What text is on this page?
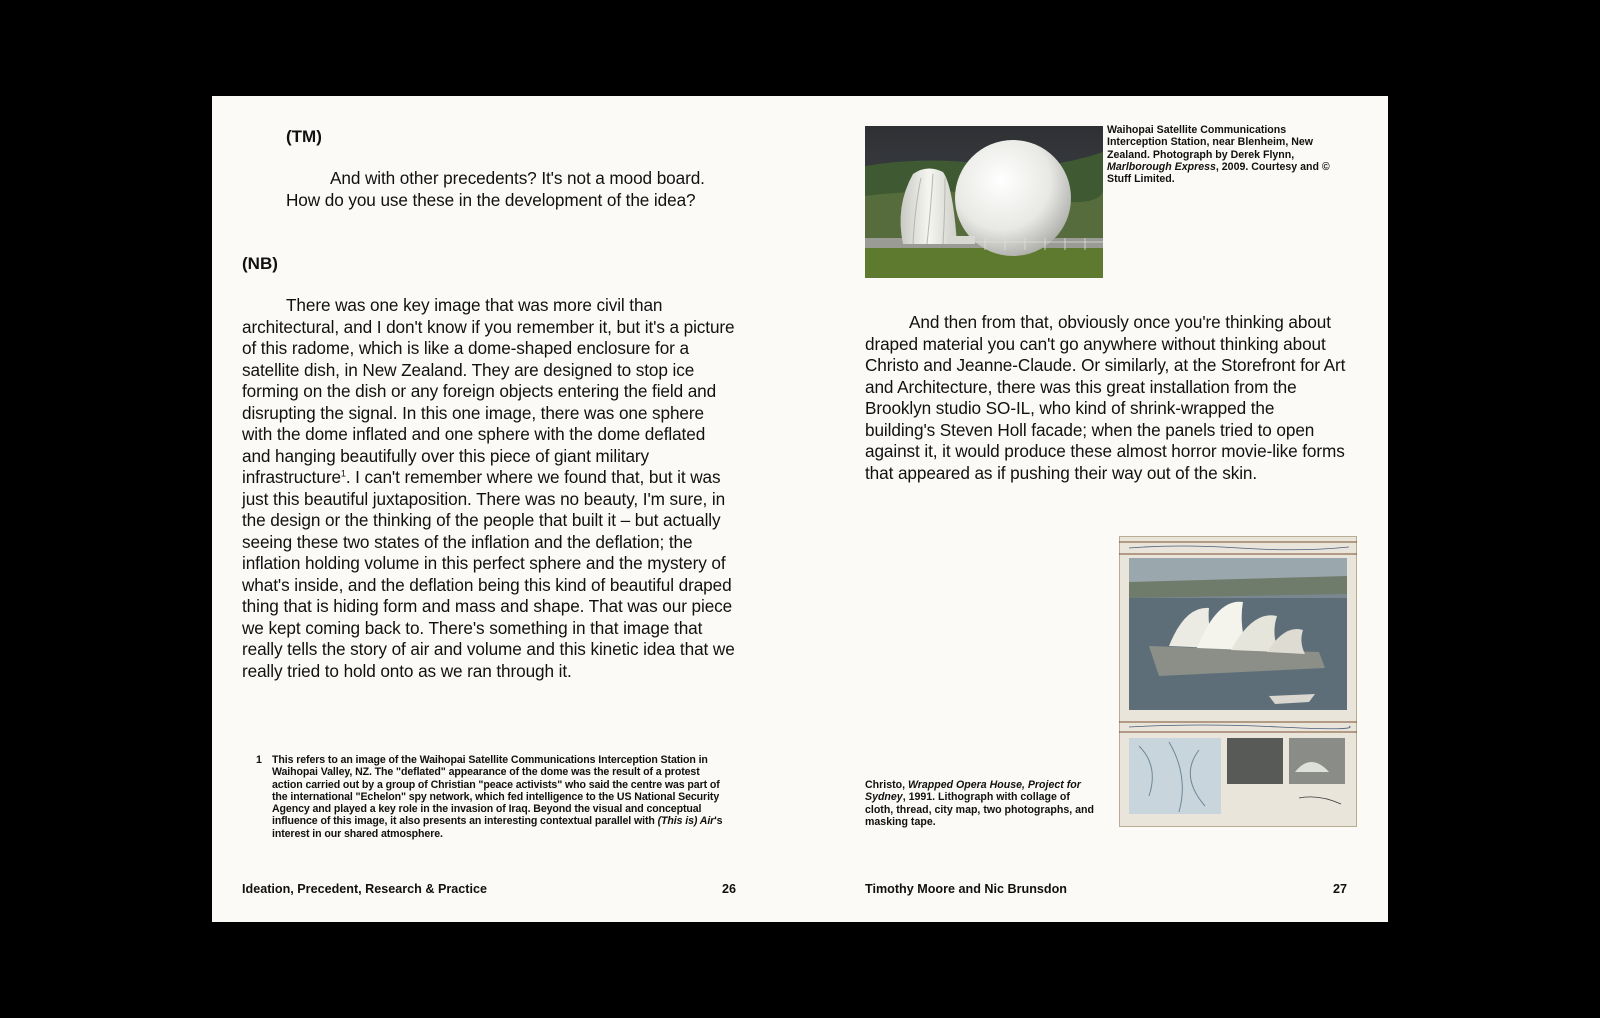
(TM)

And with other precedents? It's not a mood board. How do you use these in the development of the idea?

(NB)

There was one key image that was more civil than architectural, and I don't know if you remember it, but it's a picture of this radome, which is like a dome-shaped enclosure for a satellite dish, in New Zealand. They are designed to stop ice forming on the dish or any foreign objects entering the field and disrupting the signal. In this one image, there was one sphere with the dome inflated and one sphere with the dome deflated and hanging beautifully over this piece of giant military infrastructure$^1$. I can't remember where we found that, but it was just this beautiful juxtaposition. There was no beauty, I'm sure, in the design or the thinking of the people that built it – but actually seeing these two states of the inflation and the deflation; the inflation holding volume in this perfect sphere and the mystery of what's inside, and the deflation being this kind of beautiful draped thing that is hiding form and mass and shape. That was our piece we kept coming back to. There's something in that image that really tells the story of air and volume and this kinetic idea that we really tried to hold onto as we ran through it.

1 This refers to an image of the Waihopai Satellite Communications Interception Station in Waihopai Valley, NZ. The "deflated" appearance of the dome was the result of a protest action carried out by a group of Christian "peace activists" who said the centre was part of the international "Echelon" spy network, which fed intelligence to the US National Security Agency and played a key role in the invasion of Iraq. Beyond the visual and conceptual influence of this image, it also presents an interesting contextual parallel with (This is) Air's interest in our shared atmosphere.
Ideation, Precedent, Research & Practice	26
Waihopai Satellite Communications Interception Station, near Blenheim, New Zealand. Photograph by Derek Flynn, Marlborough Express, 2009. Courtesy and © Stuff Limited.

And then from that, obviously once you're thinking about draped material you can't go anywhere without thinking about Christo and Jeanne-Claude. Or similarly, at the Storefront for Art and Architecture, there was this great installation from the Brooklyn studio SO-IL, who kind of shrink-wrapped the building's Steven Holl facade; when the panels tried to open against it, it would produce these almost horror movie-like forms that appeared as if pushing their way out of the skin.

Christo, Wrapped Opera House, Project for Sydney, 1991. Lithograph with collage of cloth, thread, city map, two photographs, and masking tape.
Timothy Moore and Nic Brunsdon	27
